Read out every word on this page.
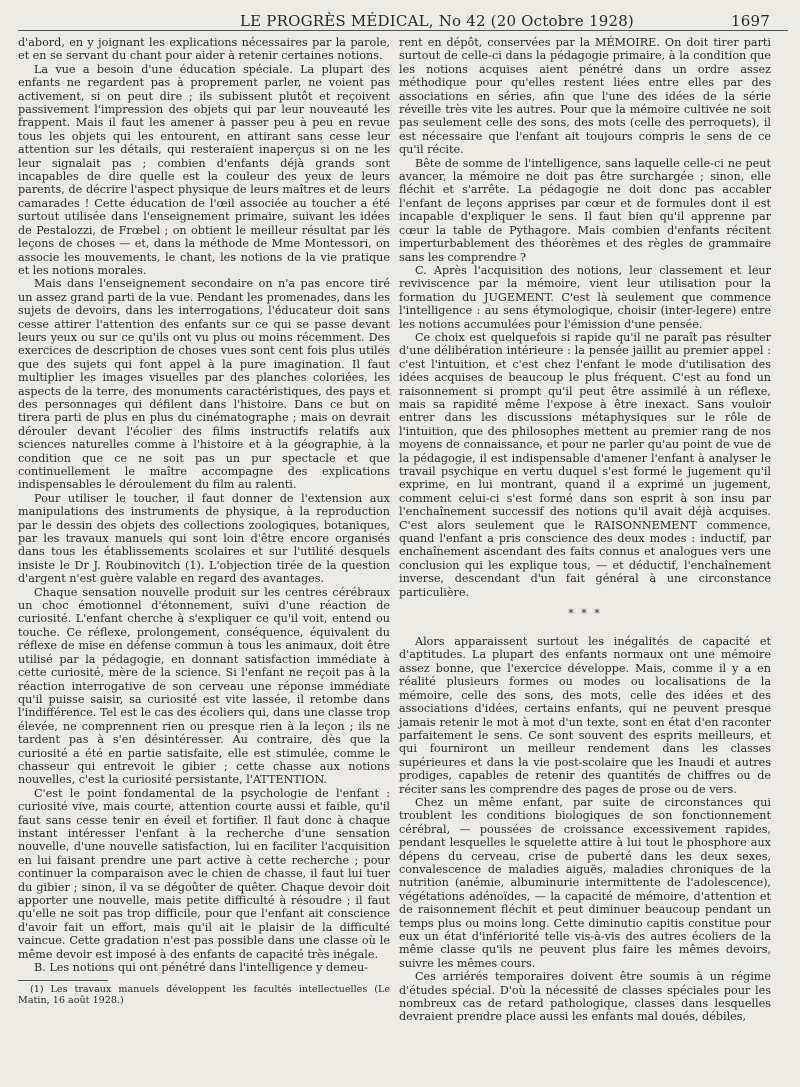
LE PROGRÈS MÉDICAL, No 42 (20 Octobre 1928)	1697

d'abord, en y joignant les explications nécessaires par la parole, et en se servant du chant pour aider à retenir certaines notions.

La vue a besoin d'une éducation spéciale. La plupart des enfants ne regardent pas à proprement parler, ne voient pas activement, si on peut dire ; ils subissent plutôt et reçoivent passivement l'impression des objets qui par leur nouveauté les frappent. Mais il faut les amener à passer peu à peu en revue tous les objets qui les entourent, en attirant sans cesse leur attention sur les détails, qui resteraient inaperçus si on ne les leur signalait pas ; combien d'enfants déjà grands sont incapables de dire quelle est la couleur des yeux de leurs parents, de décrire l'aspect physique de leurs maîtres et de leurs camarades ! Cette éducation de l'œil associée au toucher a été surtout utilisée dans l'enseignement primaire, suivant les idées de Pestalozzi, de Frœbel ; on obtient le meilleur résultat par les leçons de choses — et, dans la méthode de Mme Montessori, on associe les mouvements, le chant, les notions de la vie pratique et les notions morales.

Mais dans l'enseignement secondaire on n'a pas encore tiré un assez grand parti de la vue. Pendant les promenades, dans les sujets de devoirs, dans les interrogations, l'éducateur doit sans cesse attirer l'attention des enfants sur ce qui se passe devant leurs yeux ou sur ce qu'ils ont vu plus ou moins récemment. Des exercices de description de choses vues sont cent fois plus utiles que des sujets qui font appel à la pure imagination. Il faut multiplier les images visuelles par des planches coloriées, les aspects de la terre, des monuments caractéristiques, des pays et des personnages qui défilent dans l'histoire. Dans ce but on tirera parti de plus en plus du cinématographe ; mais on devrait dérouler devant l'écolier des films instructifs relatifs aux sciences naturelles comme à l'histoire et à la géographie, à la condition que ce ne soit pas un pur spectacle et que continuellement le maître accompagne des explications indispensables le déroulement du film au ralenti.

Pour utiliser le toucher, il faut donner de l'extension aux manipulations des instruments de physique, à la reproduction par le dessin des objets des collections zoologiques, botaniques, par les travaux manuels qui sont loin d'être encore organisés dans tous les établissements scolaires et sur l'utilité desquels insiste le Dr J. Roubinovitch (1). L'objection tirée de la question d'argent n'est guère valable en regard des avantages.

Chaque sensation nouvelle produit sur les centres cérébraux un choc émotionnel d'étonnement, suivi d'une réaction de curiosité. L'enfant cherche à s'expliquer ce qu'il voit, entend ou touche. Ce réflexe, prolongement, conséquence, équivalent du réflexe de mise en défense commun à tous les animaux, doit être utilisé par la pédagogie, en donnant satisfaction immédiate à cette curiosité, mère de la science. Si l'enfant ne reçoit pas à la réaction interrogative de son cerveau une réponse immédiate qu'il puisse saisir, sa curiosité est vite lassée, il retombe dans l'indifférence. Tel est le cas des écoliers qui, dans une classe trop élevée, ne comprennent rien ou presque rien à la leçon ; ils ne tardent pas à s'en désintéresser. Au contraire, dès que la curiosité a été en partie satisfaite, elle est stimulée, comme le chasseur qui entrevoit le gibier ; cette chasse aux notions nouvelles, c'est la curiosité persistante, l'ATTENTION.

C'est le point fondamental de la psychologie de l'enfant : curiosité vive, mais courte, attention courte aussi et faible, qu'il faut sans cesse tenir en éveil et fortifier. Il faut donc à chaque instant intéresser l'enfant à la recherche d'une sensation nouvelle, d'une nouvelle satisfaction, lui en faciliter l'acquisition en lui faisant prendre une part active à cette recherche ; pour continuer la comparaison avec le chien de chasse, il faut lui tuer du gibier ; sinon, il va se dégoûter de quêter. Chaque devoir doit apporter une nouvelle, mais petite difficulté à résoudre ; il faut qu'elle ne soit pas trop difficile, pour que l'enfant ait conscience d'avoir fait un effort, mais qu'il ait le plaisir de la difficulté vaincue. Cette gradation n'est pas possible dans une classe où le même devoir est imposé à des enfants de capacité très inégale.

B. Les notions qui ont pénétré dans l'intelligence y demeu-

(1) Les travaux manuels développent les facultés intellectuelles (Le Matin, 16 août 1928.)

rent en dépôt, conservées par la MÉMOIRE. On doit tirer parti surtout de celle-ci dans la pédagogie primaire, à la condition que les notions acquises aient pénétré dans un ordre assez méthodique pour qu'elles restent liées entre elles par des associations en séries, afin que l'une des idées de la série réveille très vite les autres. Pour que la mémoire cultivée ne soit pas seulement celle des sons, des mots (celle des perroquets), il est nécessaire que l'enfant ait toujours compris le sens de ce qu'il récite.

Bête de somme de l'intelligence, sans laquelle celle-ci ne peut avancer, la mémoire ne doit pas être surchargée ; sinon, elle fléchit et s'arrête. La pédagogie ne doit donc pas accabler l'enfant de leçons apprises par cœur et de formules dont il est incapable d'expliquer le sens. Il faut bien qu'il apprenne par cœur la table de Pythagore. Mais combien d'enfants récitent imperturbablement des théorèmes et des règles de grammaire sans les comprendre ?

C. Après l'acquisition des notions, leur classement et leur reviviscence par la mémoire, vient leur utilisation pour la formation du JUGEMENT. C'est là seulement que commence l'intelligence : au sens étymologique, choisir (inter-legere) entre les notions accumulées pour l'émission d'une pensée.

Ce choix est quelquefois si rapide qu'il ne paraît pas résulter d'une délibération intérieure : la pensée jaillit au premier appel : c'est l'intuition, et c'est chez l'enfant le mode d'utilisation des idées acquises de beaucoup le plus fréquent. C'est au fond un raisonnement si prompt qu'il peut être assimilé à un réflexe, mais sa rapidité même l'expose à être inexact. Sans vouloir entrer dans les discussions métaphysiques sur le rôle de l'intuition, que des philosophes mettent au premier rang de nos moyens de connaissance, et pour ne parler qu'au point de vue de la pédagogie, il est indispensable d'amener l'enfant à analyser le travail psychique en vertu duquel s'est formé le jugement qu'il exprime, en lui montrant, quand il a exprimé un jugement, comment celui-ci s'est formé dans son esprit à son insu par l'enchaînement successif des notions qu'il avait déjà acquises. C'est alors seulement que le RAISONNEMENT commence, quand l'enfant a pris conscience des deux modes : inductif, par enchaînement ascendant des faits connus et analogues vers une conclusion qui les explique tous, — et déductif, l'enchaînement inverse, descendant d'un fait général à une circonstance particulière.

* * *

Alors apparaissent surtout les inégalités de capacité et d'aptitudes. La plupart des enfants normaux ont une mémoire assez bonne, que l'exercice développe. Mais, comme il y a en réalité plusieurs formes ou modes ou localisations de la mémoire, celle des sons, des mots, celle des idées et des associations d'idées, certains enfants, qui ne peuvent presque jamais retenir le mot à mot d'un texte, sont en état d'en raconter parfaitement le sens. Ce sont souvent des esprits meilleurs, et qui fourniront un meilleur rendement dans les classes supérieures et dans la vie post-scolaire que les Inaudi et autres prodiges, capables de retenir des quantités de chiffres ou de réciter sans les comprendre des pages de prose ou de vers.

Chez un même enfant, par suite de circonstances qui troublent les conditions biologiques de son fonctionnement cérébral, — poussées de croissance excessivement rapides, pendant lesquelles le squelette attire à lui tout le phosphore aux dépens du cerveau, crise de puberté dans les deux sexes, convalescence de maladies aiguës, maladies chroniques de la nutrition (anémie, albuminurie intermittente de l'adolescence), végétations adénoïdes, — la capacité de mémoire, d'attention et de raisonnement fléchit et peut diminuer beaucoup pendant un temps plus ou moins long. Cette diminutio capitis constitue pour eux un état d'infériorité telle vis-à-vis des autres écoliers de la même classe qu'ils ne peuvent plus faire les mêmes devoirs, suivre les mêmes cours.

Ces arriérés temporaires doivent être soumis à un régime d'études spécial. D'où la nécessité de classes spéciales pour les nombreux cas de retard pathologique, classes dans lesquelles devraient prendre place aussi les enfants mal doués, débiles,
